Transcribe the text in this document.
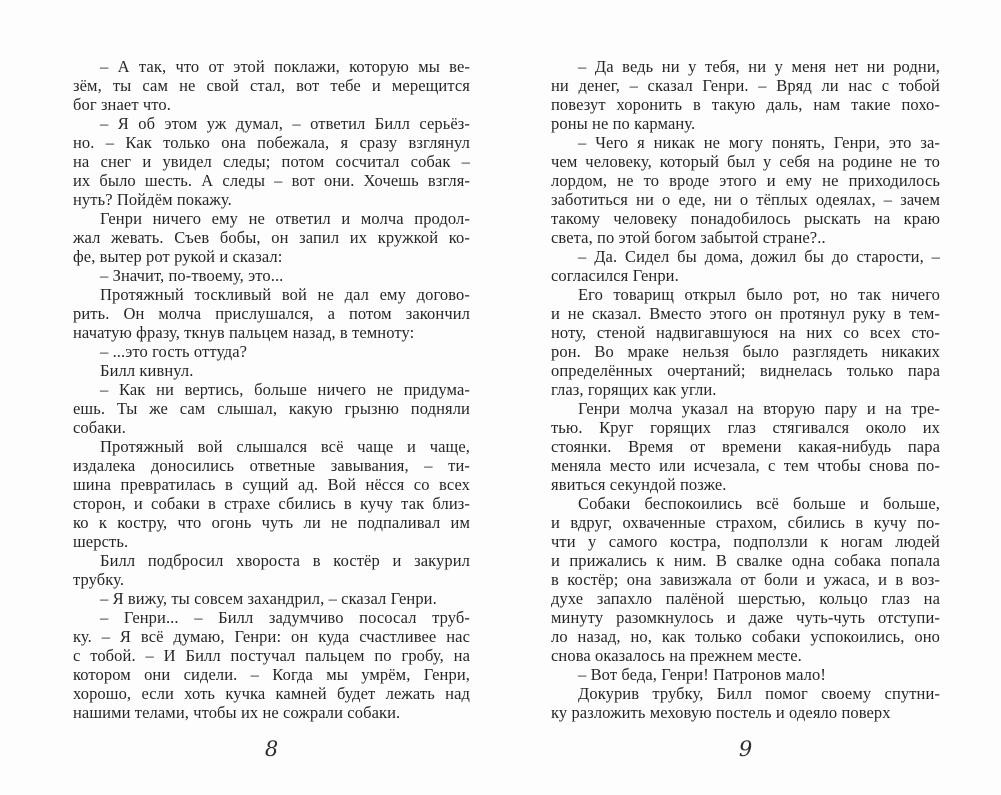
– А так, что от этой поклажи, которую мы ве-
зём, ты сам не свой стал, вот тебе и мерещится
бог знает что.
– Я об этом уж думал, – ответил Билл серьёз-
но. – Как только она побежала, я сразу взглянул
на снег и увидел следы; потом сосчитал собак –
их было шесть. А следы – вот они. Хочешь взгля-
нуть? Пойдём покажу.
Генри ничего ему не ответил и молча продол-
жал жевать. Съев бобы, он запил их кружкой ко-
фе, вытер рот рукой и сказал:
– Значит, по-твоему, это...
Протяжный тоскливый вой не дал ему догово-
рить. Он молча прислушался, а потом закончил
начатую фразу, ткнув пальцем назад, в темноту:
– ...это гость оттуда?
Билл кивнул.
– Как ни вертись, больше ничего не придума-
ешь. Ты же сам слышал, какую грызню подняли
собаки.
Протяжный вой слышался всё чаще и чаще,
издалека доносились ответные завывания, – ти-
шина превратилась в сущий ад. Вой нёсся со всех
сторон, и собаки в страхе сбились в кучу так близ-
ко к костру, что огонь чуть ли не подпаливал им
шерсть.
Билл подбросил хвороста в костёр и закурил
трубку.
– Я вижу, ты совсем захандрил, – сказал Генри.
– Генри... – Билл задумчиво пососал труб-
ку. – Я всё думаю, Генри: он куда счастливее нас
с тобой. – И Билл постучал пальцем по гробу, на
котором они сидели. – Когда мы умрём, Генри,
хорошо, если хоть кучка камней будет лежать над
нашими телами, чтобы их не сожрали собаки.
8
– Да ведь ни у тебя, ни у меня нет ни родни,
ни денег, – сказал Генри. – Вряд ли нас с тобой
повезут хоронить в такую даль, нам такие похо-
роны не по карману.
– Чего я никак не могу понять, Генри, это за-
чем человеку, который был у себя на родине не то
лордом, не то вроде этого и ему не приходилось
заботиться ни о еде, ни о тёплых одеялах, – зачем
такому человеку понадобилось рыскать на краю
света, по этой богом забытой стране?..
– Да. Сидел бы дома, дожил бы до старости, –
согласился Генри.
Его товарищ открыл было рот, но так ничего
и не сказал. Вместо этого он протянул руку в тем-
ноту, стеной надвигавшуюся на них со всех сто-
рон. Во мраке нельзя было разглядеть никаких
определённых очертаний; виднелась только пара
глаз, горящих как угли.
Генри молча указал на вторую пару и на тре-
тью. Круг горящих глаз стягивался около их
стоянки. Время от времени какая-нибудь пара
меняла место или исчезала, с тем чтобы снова по-
явиться секундой позже.
Собаки беспокоились всё больше и больше,
и вдруг, охваченные страхом, сбились в кучу по-
чти у самого костра, подползли к ногам людей
и прижались к ним. В свалке одна собака попала
в костёр; она завизжала от боли и ужаса, и в воз-
духе запахло палёной шерстью, кольцо глаз на
минуту разомкнулось и даже чуть-чуть отступи-
ло назад, но, как только собаки успокоились, оно
снова оказалось на прежнем месте.
– Вот беда, Генри! Патронов мало!
Докурив трубку, Билл помог своему спутни-
ку разложить меховую постель и одеяло поверх
9
